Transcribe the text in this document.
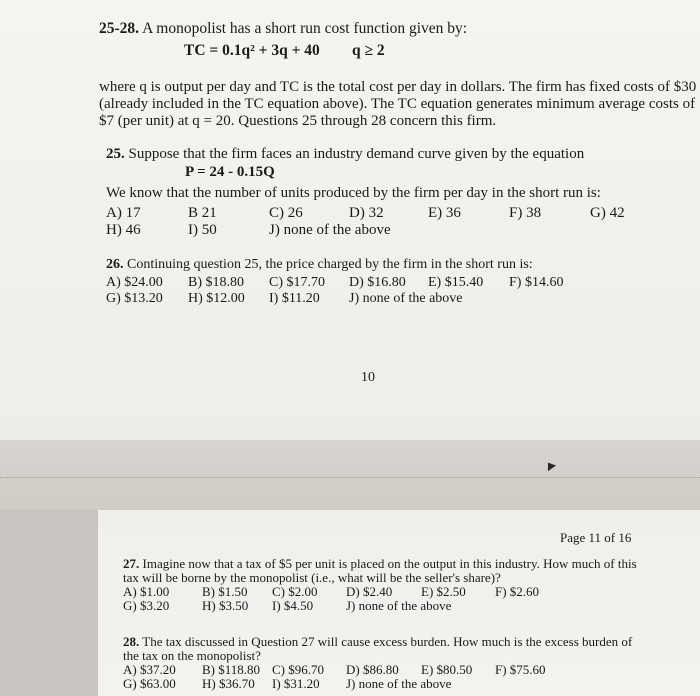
25-28. A monopolist has a short run cost function given by:
TC = 0.1q² + 3q + 40 q ≥ 2
where q is output per day and TC is the total cost per day in dollars. The firm has fixed costs of $30
(already included in the TC equation above). The TC equation generates minimum average costs of
$7 (per unit) at q = 20. Questions 25 through 28 concern this firm.
25. Suppose that the firm faces an industry demand curve given by the equation
P = 24 - 0.15Q
We know that the number of units produced by the firm per day in the short run is:
A) 17	B 21	C) 26	D) 32	E) 36	F) 38	G) 42
H) 46	I) 50	J) none of the above
26. Continuing question 25, the price charged by the firm in the short run is:
A) $24.00 B) $18.80 C) $17.70 D) $16.80 E) $15.40 F) $14.60
G) $13.20 H) $12.00 I) $11.20 J) none of the above
10
Page 11 of 16
27. Imagine now that a tax of $5 per unit is placed on the output in this industry. How much of this
tax will be borne by the monopolist (i.e., what will be the seller's share)?
A) $1.00	B) $1.50 C) $2.00 D) $2.40 E) $2.50 F) $2.60
G) $3.20	H) $3.50 I) $4.50	J) none of the above
28. The tax discussed in Question 27 will cause excess burden. How much is the excess burden of
the tax on the monopolist?
A) $37.20 B) $118.80 C) $96.70 D) $86.80 E) $80.50 F) $75.60
G) $63.00 H) $36.70 I) $31.20 J) none of the above
